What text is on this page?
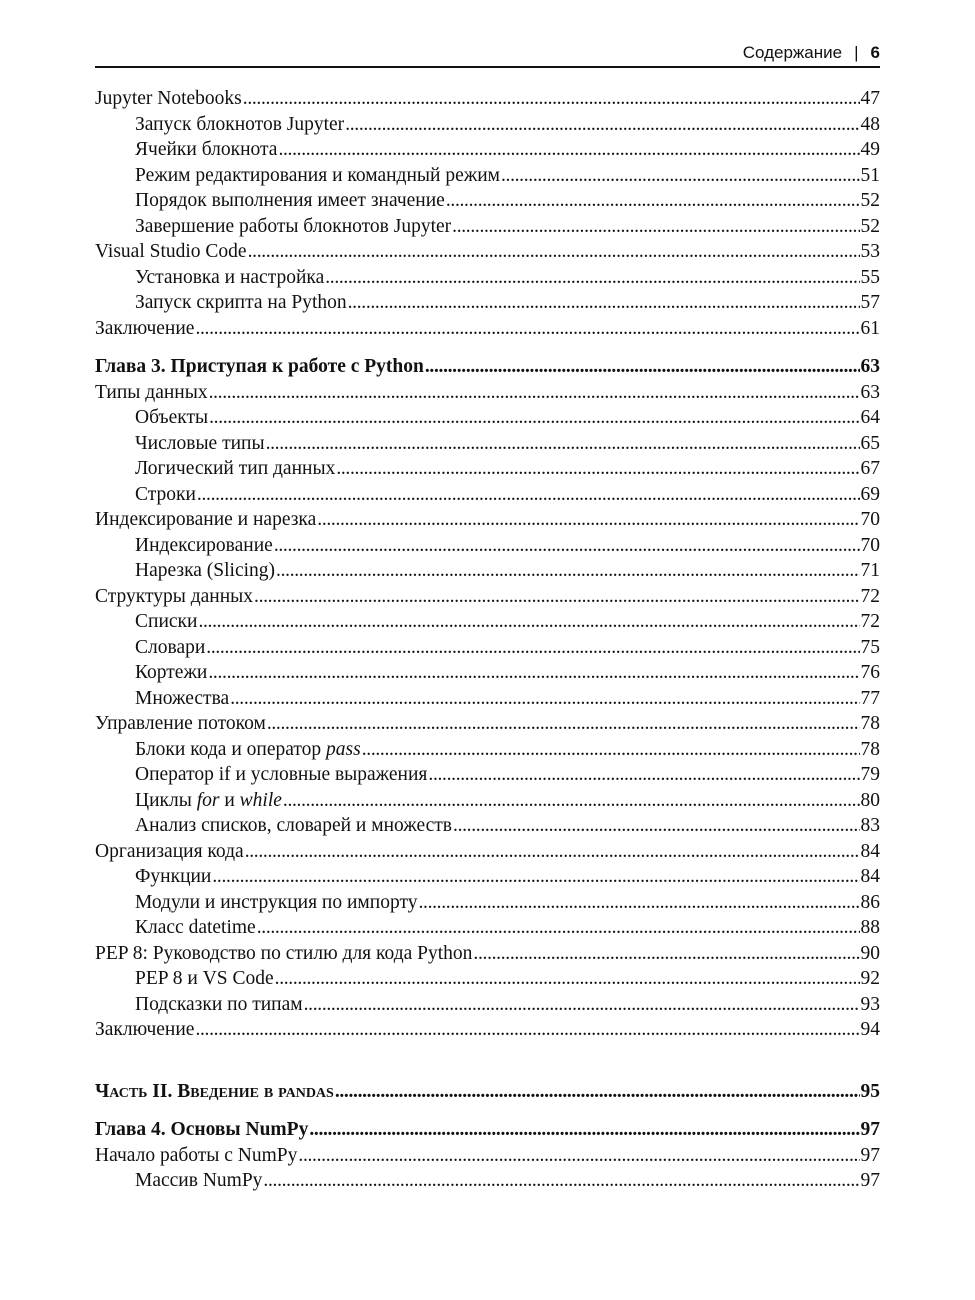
Содержание | 6
Jupyter Notebooks . . .	47
Запуск блокнотов Jupyter . . .	48
Ячейки блокнота . . .	49
Режим редактирования и командный режим . . .	51
Порядок выполнения имеет значение . . .	52
Завершение работы блокнотов Jupyter . . .	52
Visual Studio Code . . .	53
Установка и настройка . . .	55
Запуск скрипта на Python . . .	57
Заключение . . .	61
Глава 3. Приступая к работе с Python . . .	63
Типы данных . . .	63
Объекты . . .	64
Числовые типы . . .	65
Логический тип данных . . .	67
Строки . . .	69
Индексирование и нарезка . . .	70
Индексирование . . .	70
Нарезка (Slicing) . . .	71
Структуры данных . . .	72
Списки . . .	72
Словари . . .	75
Кортежи . . .	76
Множества . . .	77
Управление потоком . . .	78
Блоки кода и оператор pass . . .	78
Оператор if и условные выражения . . .	79
Циклы for и while . . .	80
Анализ списков, словарей и множеств . . .	83
Организация кода . . .	84
Функции . . .	84
Модули и инструкция по импорту . . .	86
Класс datetime . . .	88
PEP 8: Руководство по стилю для кода Python . . .	90
PEP 8 и VS Code . . .	92
Подсказки по типам . . .	93
Заключение . . .	94
Часть II. Введение в pandas . . .	95
Глава 4. Основы NumPy . . .	97
Начало работы с NumPy . . .	97
Массив NumPy . . .	97
